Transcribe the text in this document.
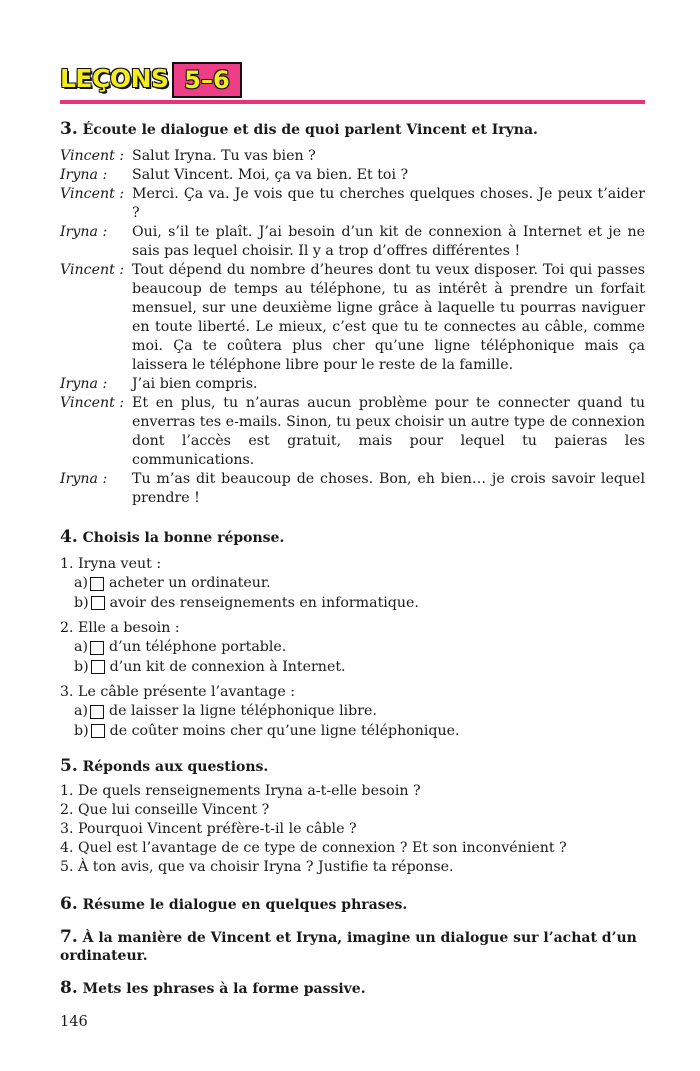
LEÇONS 5–6

3. Écoute le dialogue et dis de quoi parlent Vincent et Iryna.

Vincent : Salut Iryna. Tu vas bien ?
Iryna :	Salut Vincent. Moi, ça va bien. Et toi ?
Vincent : Merci. Ça va. Je vois que tu cherches quelques choses. Je peux t’aider ?
Iryna :	Oui, s’il te plaît. J’ai besoin d’un kit de connexion à Internet et je ne sais pas lequel choisir. Il y a trop d’offres différentes !
Vincent : Tout dépend du nombre d’heures dont tu veux disposer. Toi qui passes beaucoup de temps au téléphone, tu as intérêt à prendre un forfait mensuel, sur une deuxième ligne grâce à laquelle tu pourras naviguer en toute liberté. Le mieux, c’est que tu te connectes au câble, comme moi. Ça te coûtera plus cher qu’une ligne téléphonique mais ça laissera le téléphone libre pour le reste de la famille.
Iryna :	J’ai bien compris.
Vincent : Et en plus, tu n’auras aucun problème pour te connecter quand tu enverras tes e-mails. Sinon, tu peux choisir un autre type de connexion dont l’accès est gratuit, mais pour lequel tu paieras les communications.
Iryna :	Tu m’as dit beaucoup de choses. Bon, eh bien… je crois savoir lequel prendre !

4. Choisis la bonne réponse.

1. Iryna veut :
a) acheter un ordinateur.
b) avoir des renseignements en informatique.
2. Elle a besoin :
a) d’un téléphone portable.
b) d’un kit de connexion à Internet.
3. Le câble présente l’avantage :
a) de laisser la ligne téléphonique libre.
b) de coûter moins cher qu’une ligne téléphonique.

5. Réponds aux questions.

1. De quels renseignements Iryna a-t-elle besoin ?
2. Que lui conseille Vincent ?
3. Pourquoi Vincent préfère-t-il le câble ?
4. Quel est l’avantage de ce type de connexion ? Et son inconvénient ?
5. À ton avis, que va choisir Iryna ? Justifie ta réponse.

6. Résume le dialogue en quelques phrases.

7. À la manière de Vincent et Iryna, imagine un dialogue sur l’achat d’un ordinateur.

8. Mets les phrases à la forme passive.

146
